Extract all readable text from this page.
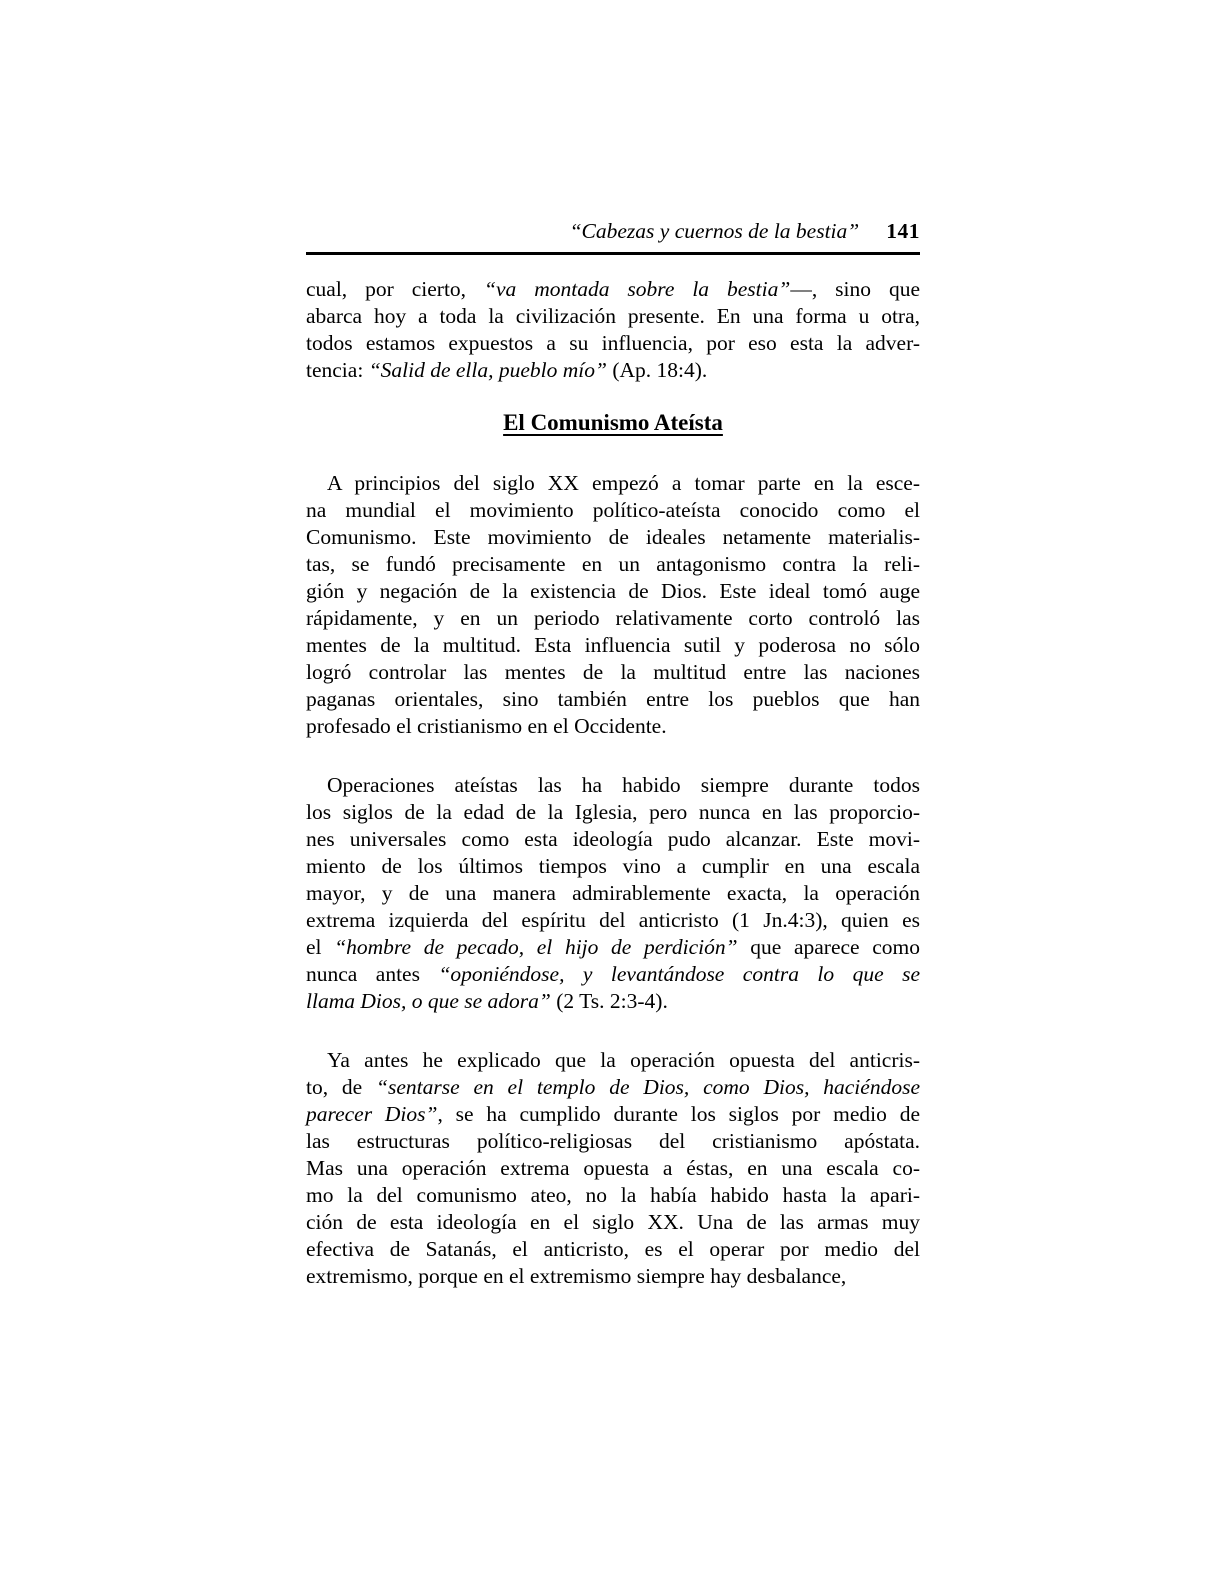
“Cabezas y cuernos de la bestia” 141
cual, por cierto, “va montada sobre la bestia”—, sino que
abarca hoy a toda la civilización presente. En una forma u otra,
todos estamos expuestos a su influencia, por eso esta la adver-
tencia: “Salid de ella, pueblo mío” (Ap. 18:4).
El Comunismo Ateísta
A principios del siglo XX empezó a tomar parte en la esce-
na mundial el movimiento político-ateísta conocido como el
Comunismo. Este movimiento de ideales netamente materialis-
tas, se fundó precisamente en un antagonismo contra la reli-
gión y negación de la existencia de Dios. Este ideal tomó auge
rápidamente, y en un periodo relativamente corto controló las
mentes de la multitud. Esta influencia sutil y poderosa no sólo
logró controlar las mentes de la multitud entre las naciones
paganas orientales, sino también entre los pueblos que han
profesado el cristianismo en el Occidente.
Operaciones ateístas las ha habido siempre durante todos
los siglos de la edad de la Iglesia, pero nunca en las proporcio-
nes universales como esta ideología pudo alcanzar. Este movi-
miento de los últimos tiempos vino a cumplir en una escala
mayor, y de una manera admirablemente exacta, la operación
extrema izquierda del espíritu del anticristo (1 Jn.4:3), quien es
el “hombre de pecado, el hijo de perdición” que aparece como
nunca antes “oponiéndose, y levantándose contra lo que se
llama Dios, o que se adora” (2 Ts. 2:3-4).
Ya antes he explicado que la operación opuesta del anticris-
to, de “sentarse en el templo de Dios, como Dios, haciéndose
parecer Dios”, se ha cumplido durante los siglos por medio de
las estructuras político-religiosas del cristianismo apóstata.
Mas una operación extrema opuesta a éstas, en una escala co-
mo la del comunismo ateo, no la había habido hasta la apari-
ción de esta ideología en el siglo XX. Una de las armas muy
efectiva de Satanás, el anticristo, es el operar por medio del
extremismo, porque en el extremismo siempre hay desbalance,
